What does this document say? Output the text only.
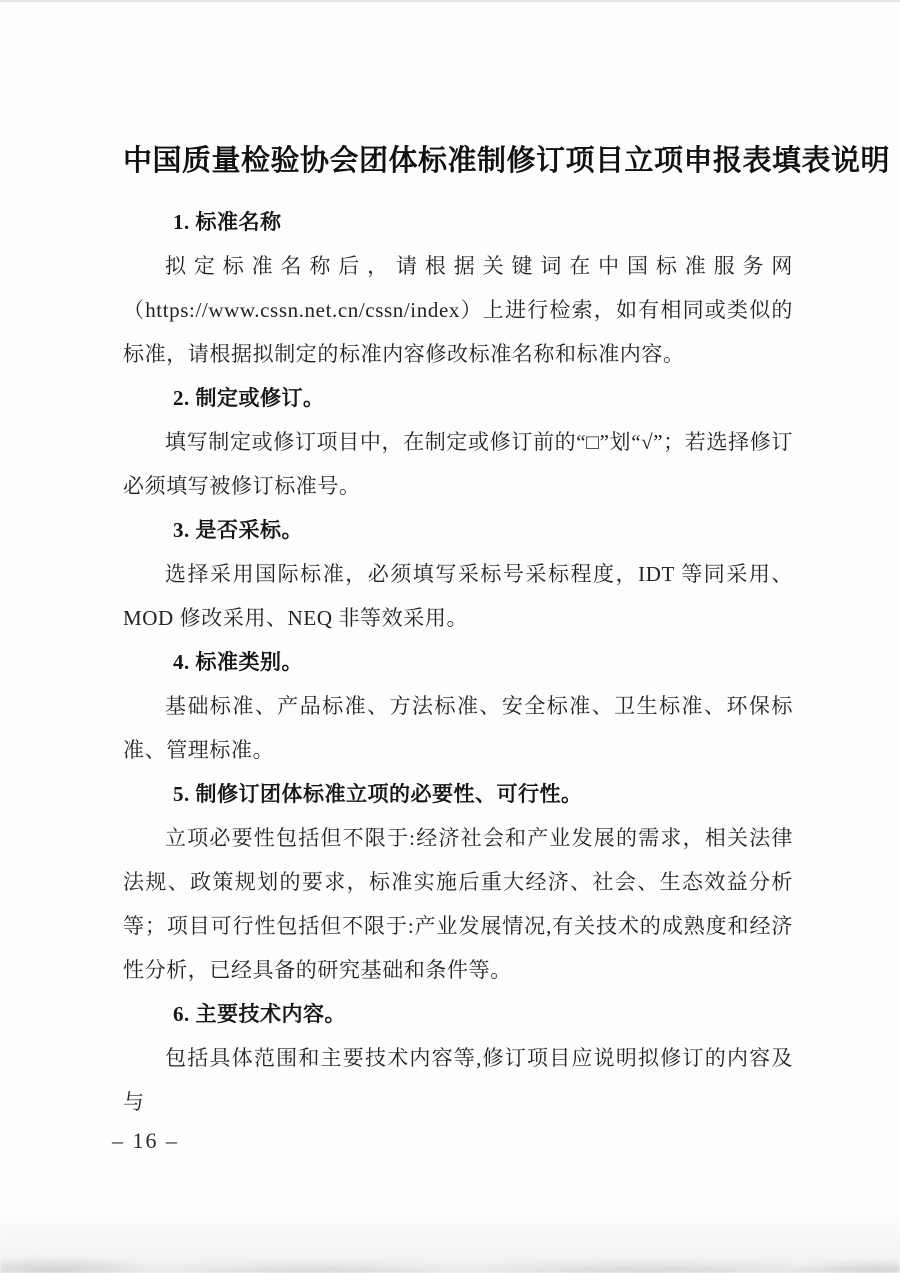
中国质量检验协会团体标准制修订项目立项申报表填表说明
1. 标准名称

拟定标准名称后，请根据关键词在中国标准服务网（https://www.cssn.net.cn/cssn/index）上进行检索，如有相同或类似的标准，请根据拟制定的标准内容修改标准名称和标准内容。

2. 制定或修订。

填写制定或修订项目中，在制定或修订前的“□”划“√”；若选择修订必须填写被修订标准号。

3. 是否采标。

选择采用国际标准，必须填写采标号采标程度，IDT 等同采用、MOD 修改采用、NEQ 非等效采用。

4. 标准类别。

基础标准、产品标准、方法标准、安全标准、卫生标准、环保标准、管理标准。

5. 制修订团体标准立项的必要性、可行性。

立项必要性包括但不限于:经济社会和产业发展的需求，相关法律法规、政策规划的要求，标准实施后重大经济、社会、生态效益分析等；项目可行性包括但不限于:产业发展情况,有关技术的成熟度和经济性分析，已经具备的研究基础和条件等。

6. 主要技术内容。

包括具体范围和主要技术内容等,修订项目应说明拟修订的内容及与

– 16 –
